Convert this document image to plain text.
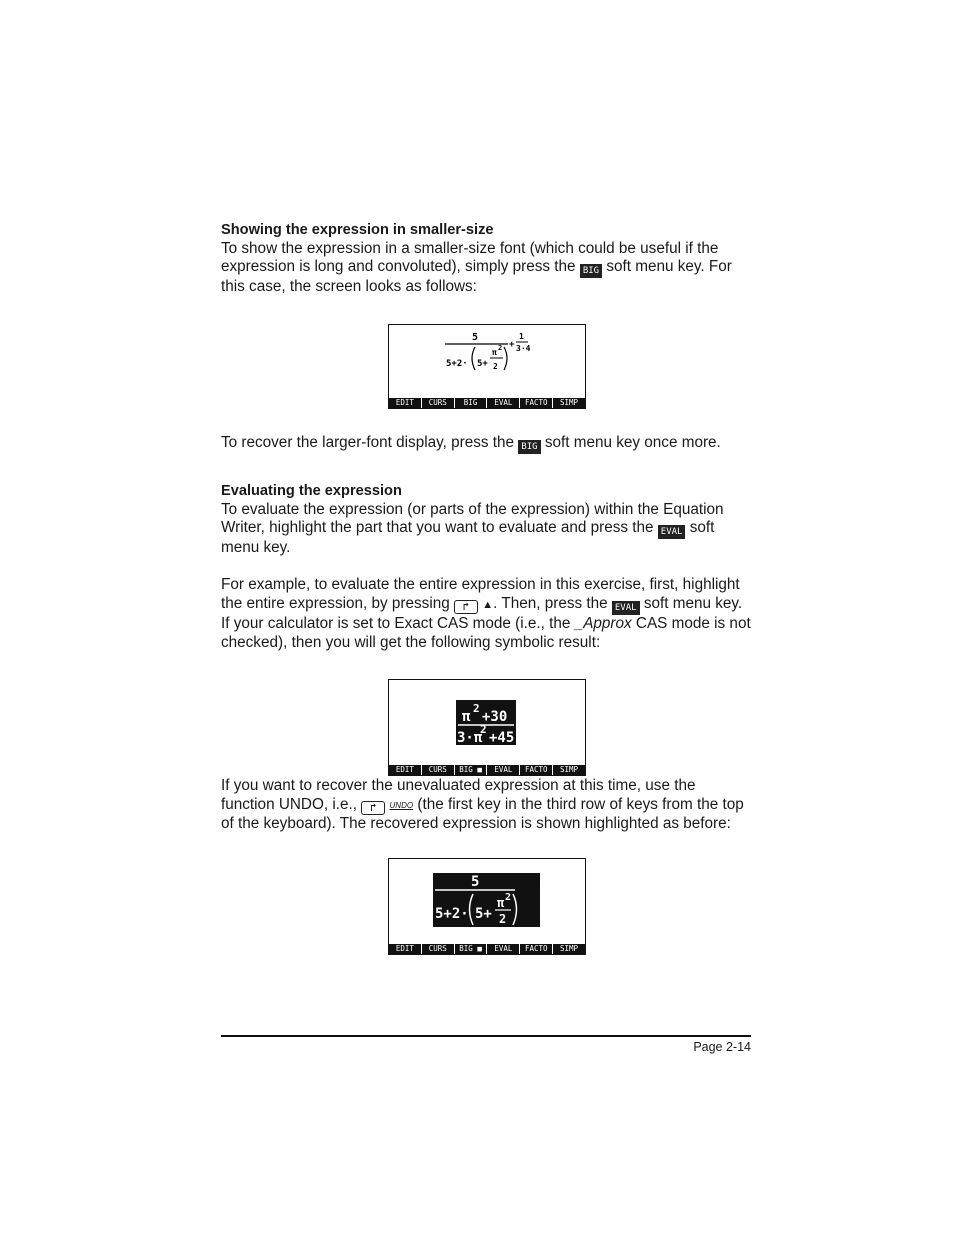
Showing the expression in smaller-size

To show the expression in a smaller-size font (which could be useful if the expression is long and convoluted), simply press the BIG soft menu key. For this case, the screen looks as follows:

5
5+2· 5+
π 2
2
+
1
3·4
EDIT	CURS	BIG	EVAL	FACTO	SIMP

To recover the larger-font display, press the BIG soft menu key once more.

Evaluating the expression

To evaluate the expression (or parts of the expression) within the Equation Writer, highlight the part that you want to evaluate and press the EVAL soft menu key.

For example, to evaluate the entire expression in this exercise, first, highlight the entire expression, by pressing ↱ ▲. Then, press the EVAL soft menu key. If your calculator is set to Exact CAS mode (i.e., the _Approx CAS mode is not checked), then you will get the following symbolic result:

π
2
+30
3·π
2
+45
EDIT	CURS	BIG ■	EVAL	FACTO	SIMP

If you want to recover the unevaluated expression at this time, use the function UNDO, i.e., ↱ UNDO (the first key in the third row of keys from the top of the keyboard). The recovered expression is shown highlighted as before:

5
5+2· 5+
π 2
2
+ 1
3
EDIT	CURS	BIG ■	EVAL	FACTO	SIMP
Page 2-14
